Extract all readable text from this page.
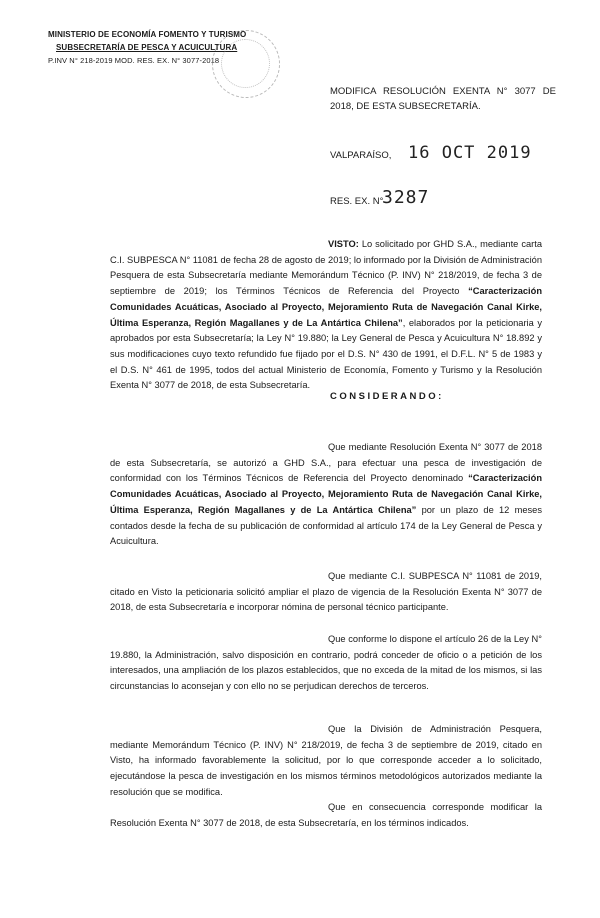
MINISTERIO DE ECONOMÍA FOMENTO Y TURISMO
SUBSECRETARÍA DE PESCA Y ACUICULTURA
P.INV N° 218-2019 MOD. RES. EX. N° 3077-2018
MODIFICA RESOLUCIÓN EXENTA N° 3077 DE 2018, DE ESTA SUBSECRETARÍA.
VALPARAÍSO, 16 OCT 2019
RES. EX. N°
3287
VISTO: Lo solicitado por GHD S.A., mediante carta C.I. SUBPESCA N° 11081 de fecha 28 de agosto de 2019; lo informado por la División de Administración Pesquera de esta Subsecretaría mediante Memorándum Técnico (P. INV) N° 218/2019, de fecha 3 de septiembre de 2019; los Términos Técnicos de Referencia del Proyecto “Caracterización Comunidades Acuáticas, Asociado al Proyecto, Mejoramiento Ruta de Navegación Canal Kirke, Última Esperanza, Región Magallanes y de La Antártica Chilena”, elaborados por la peticionaria y aprobados por esta Subsecretaría; la Ley N° 19.880; la Ley General de Pesca y Acuicultura N° 18.892 y sus modificaciones cuyo texto refundido fue fijado por el D.S. N° 430 de 1991, el D.F.L. N° 5 de 1983 y el D.S. N° 461 de 1995, todos del actual Ministerio de Economía, Fomento y Turismo y la Resolución Exenta N° 3077 de 2018, de esta Subsecretaría.
CONSIDERANDO:
Que mediante Resolución Exenta N° 3077 de 2018 de esta Subsecretaría, se autorizó a GHD S.A., para efectuar una pesca de investigación de conformidad con los Términos Técnicos de Referencia del Proyecto denominado “Caracterización Comunidades Acuáticas, Asociado al Proyecto, Mejoramiento Ruta de Navegación Canal Kirke, Última Esperanza, Región Magallanes y de La Antártica Chilena” por un plazo de 12 meses contados desde la fecha de su publicación de conformidad al artículo 174 de la Ley General de Pesca y Acuicultura.
Que mediante C.I. SUBPESCA N° 11081 de 2019, citado en Visto la peticionaria solicitó ampliar el plazo de vigencia de la Resolución Exenta N° 3077 de 2018, de esta Subsecretaría e incorporar nómina de personal técnico participante.
Que conforme lo dispone el artículo 26 de la Ley N° 19.880, la Administración, salvo disposición en contrario, podrá conceder de oficio o a petición de los interesados, una ampliación de los plazos establecidos, que no exceda de la mitad de los mismos, si las circunstancias lo aconsejan y con ello no se perjudican derechos de terceros.
Que la División de Administración Pesquera, mediante Memorándum Técnico (P. INV) N° 218/2019, de fecha 3 de septiembre de 2019, citado en Visto, ha informado favorablemente la solicitud, por lo que corresponde acceder a lo solicitado, ejecutándose la pesca de investigación en los mismos términos metodológicos autorizados mediante la resolución que se modifica.
Que en consecuencia corresponde modificar la Resolución Exenta N° 3077 de 2018, de esta Subsecretaría, en los términos indicados.
